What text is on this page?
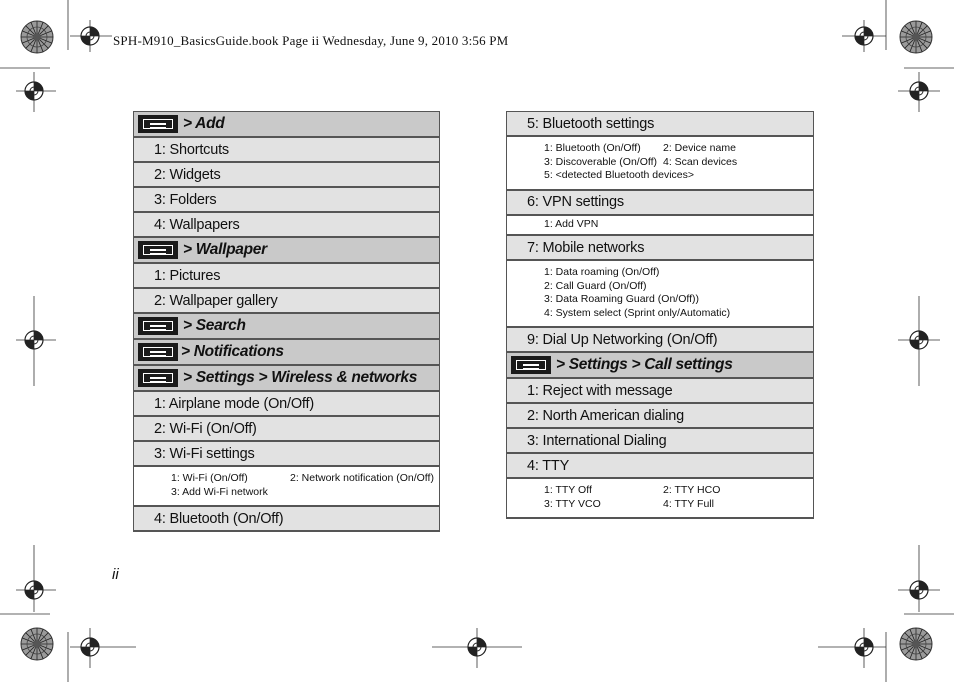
SPH-M910_BasicsGuide.book Page ii Wednesday, June 9, 2010 3:56 PM
ii
> Add
1: Shortcuts
2: Widgets
3: Folders
4: Wallpapers
> Wallpaper
1: Pictures
2: Wallpaper gallery
> Search
> Notifications
> Settings > Wireless & networks
1: Airplane mode (On/Off)
2: Wi-Fi (On/Off)
3: Wi-Fi settings
1: Wi-Fi (On/Off)	2: Network notification (On/Off)
3: Add Wi-Fi network
4: Bluetooth (On/Off)
5: Bluetooth settings
1: Bluetooth (On/Off)	2: Device name
3: Discoverable (On/Off) 4: Scan devices
5: <detected Bluetooth devices>
6: VPN settings
1: Add VPN
7: Mobile networks
1: Data roaming (On/Off)
2: Call Guard (On/Off)
3: Data Roaming Guard (On/Off))
4: System select (Sprint only/Automatic)
9: Dial Up Networking (On/Off)
> Settings > Call settings
1: Reject with message
2: North American dialing
3: International Dialing
4: TTY
1: TTY Off	2: TTY HCO
3: TTY VCO	4: TTY Full
